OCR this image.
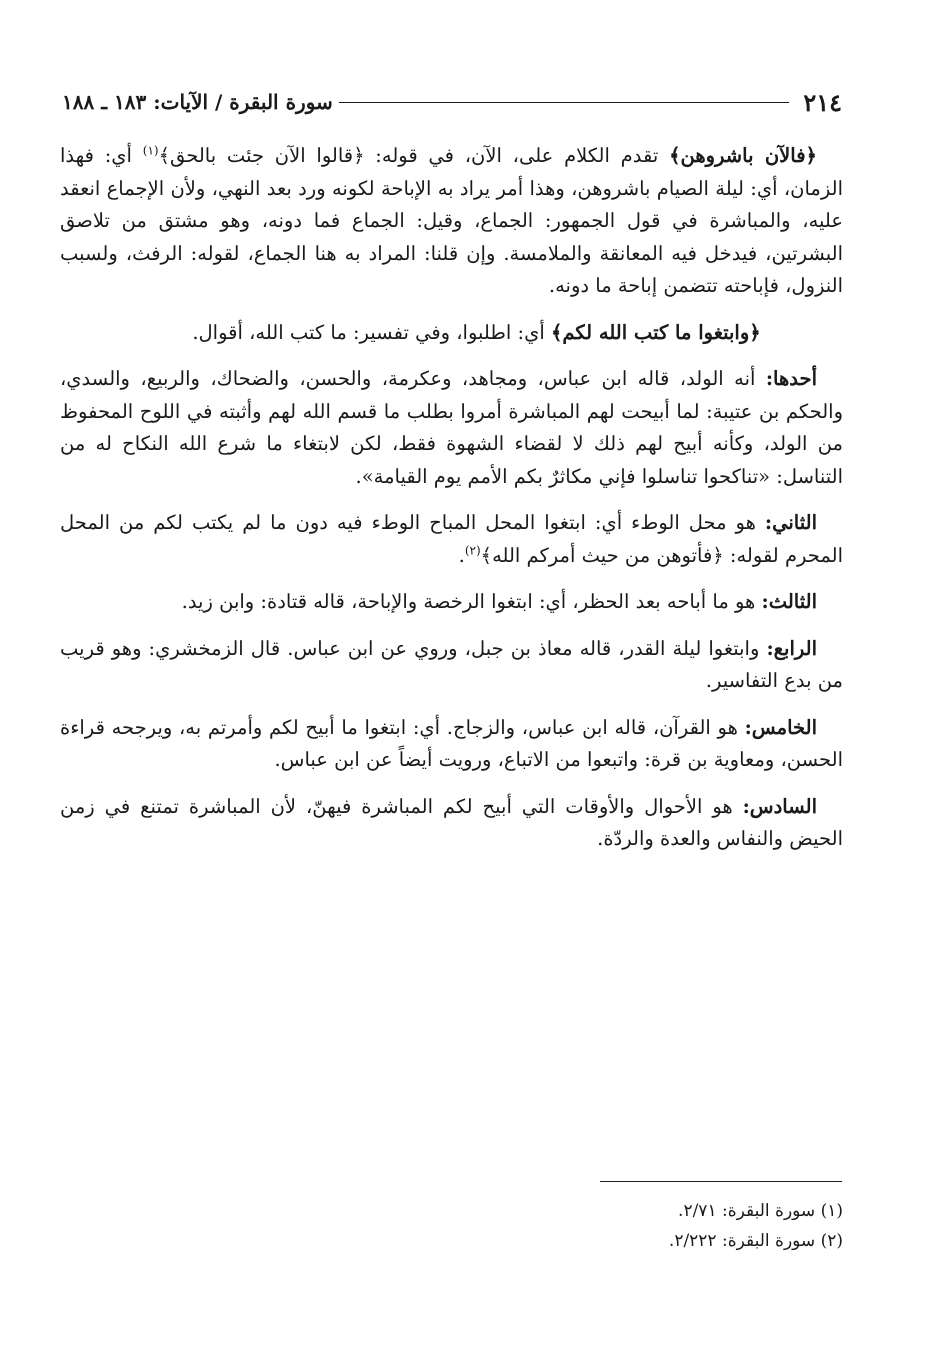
٢١٤
سورة البقرة / الآيات: ١٨٣ ـ ١٨٨

﴿فالآن باشروهن﴾ تقدم الكلام على، الآن، في قوله: ﴿قالوا الآن جئت بالحق﴾$^{(١)}$ أي: فهذا الزمان، أي: ليلة الصيام باشروهن، وهذا أمر يراد به الإباحة لكونه ورد بعد النهي، ولأن الإجماع انعقد عليه، والمباشرة في قول الجمهور: الجماع، وقيل: الجماع فما دونه، وهو مشتق من تلاصق البشرتين، فيدخل فيه المعانقة والملامسة. وإن قلنا: المراد به هنا الجماع، لقوله: الرفث، ولسبب النزول، فإباحته تتضمن إباحة ما دونه.

﴿وابتغوا ما كتب الله لكم﴾ أي: اطلبوا، وفي تفسير: ما كتب الله، أقوال.

أحدها: أنه الولد، قاله ابن عباس، ومجاهد، وعكرمة، والحسن، والضحاك، والربيع، والسدي، والحكم بن عتيبة: لما أبيحت لهم المباشرة أمروا بطلب ما قسم الله لهم وأثبته في اللوح المحفوظ من الولد، وكأنه أبيح لهم ذلك لا لقضاء الشهوة فقط، لكن لابتغاء ما شرع الله النكاح له من التناسل: «تناكحوا تناسلوا فإني مكاثرٌ بكم الأمم يوم القيامة».

الثاني: هو محل الوطء أي: ابتغوا المحل المباح الوطء فيه دون ما لم يكتب لكم من المحل المحرم لقوله: ﴿فأتوهن من حيث أمركم الله﴾$^{(٢)}$.

الثالث: هو ما أباحه بعد الحظر، أي: ابتغوا الرخصة والإباحة، قاله قتادة: وابن زيد.

الرابع: وابتغوا ليلة القدر، قاله معاذ بن جبل، وروي عن ابن عباس. قال الزمخشري: وهو قريب من بدع التفاسير.

الخامس: هو القرآن، قاله ابن عباس، والزجاج. أي: ابتغوا ما أبيح لكم وأمرتم به، ويرجحه قراءة الحسن، ومعاوية بن قرة: واتبعوا من الاتباع، ورويت أيضاً عن ابن عباس.

السادس: هو الأحوال والأوقات التي أبيح لكم المباشرة فيهنّ، لأن المباشرة تمتنع في زمن الحيض والنفاس والعدة والردّة.

(١) سورة البقرة: ٢/٧١.

(٢) سورة البقرة: ٢/٢٢٢.
